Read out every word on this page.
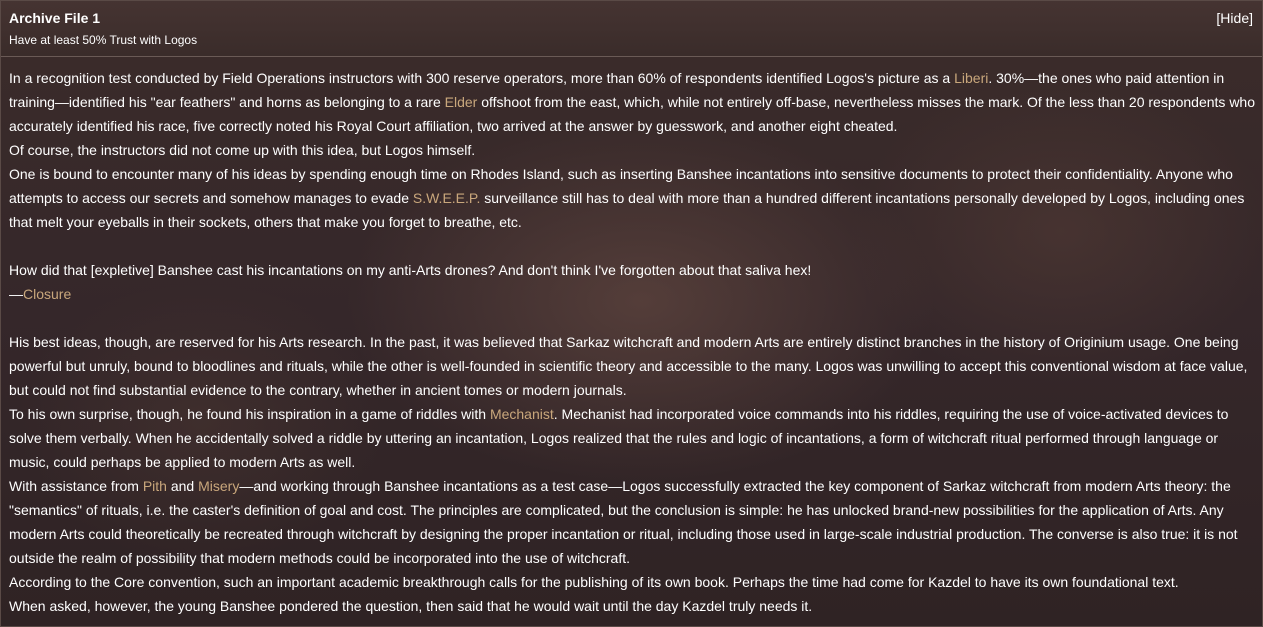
Archive File 1
Have at least 50% Trust with Logos
[Hide]
In a recognition test conducted by Field Operations instructors with 300 reserve operators, more than 60% of respondents identified Logos's picture as a Liberi. 30%—the ones who paid attention in
training—identified his "ear feathers" and horns as belonging to a rare Elder offshoot from the east, which, while not entirely off-base, nevertheless misses the mark. Of the less than 20 respondents who
accurately identified his race, five correctly noted his Royal Court affiliation, two arrived at the answer by guesswork, and another eight cheated.
Of course, the instructors did not come up with this idea, but Logos himself.
One is bound to encounter many of his ideas by spending enough time on Rhodes Island, such as inserting Banshee incantations into sensitive documents to protect their confidentiality. Anyone who
attempts to access our secrets and somehow manages to evade S.W.E.E.P. surveillance still has to deal with more than a hundred different incantations personally developed by Logos, including ones
that melt your eyeballs in their sockets, others that make you forget to breathe, etc.
How did that [expletive] Banshee cast his incantations on my anti-Arts drones? And don't think I've forgotten about that saliva hex!
—Closure
His best ideas, though, are reserved for his Arts research. In the past, it was believed that Sarkaz witchcraft and modern Arts are entirely distinct branches in the history of Originium usage. One being
powerful but unruly, bound to bloodlines and rituals, while the other is well-founded in scientific theory and accessible to the many. Logos was unwilling to accept this conventional wisdom at face value,
but could not find substantial evidence to the contrary, whether in ancient tomes or modern journals.
To his own surprise, though, he found his inspiration in a game of riddles with Mechanist. Mechanist had incorporated voice commands into his riddles, requiring the use of voice-activated devices to
solve them verbally. When he accidentally solved a riddle by uttering an incantation, Logos realized that the rules and logic of incantations, a form of witchcraft ritual performed through language or
music, could perhaps be applied to modern Arts as well.
With assistance from Pith and Misery—and working through Banshee incantations as a test case—Logos successfully extracted the key component of Sarkaz witchcraft from modern Arts theory: the
"semantics" of rituals, i.e. the caster's definition of goal and cost. The principles are complicated, but the conclusion is simple: he has unlocked brand-new possibilities for the application of Arts. Any
modern Arts could theoretically be recreated through witchcraft by designing the proper incantation or ritual, including those used in large-scale industrial production. The converse is also true: it is not
outside the realm of possibility that modern methods could be incorporated into the use of witchcraft.
According to the Core convention, such an important academic breakthrough calls for the publishing of its own book. Perhaps the time had come for Kazdel to have its own foundational text.
When asked, however, the young Banshee pondered the question, then said that he would wait until the day Kazdel truly needs it.
